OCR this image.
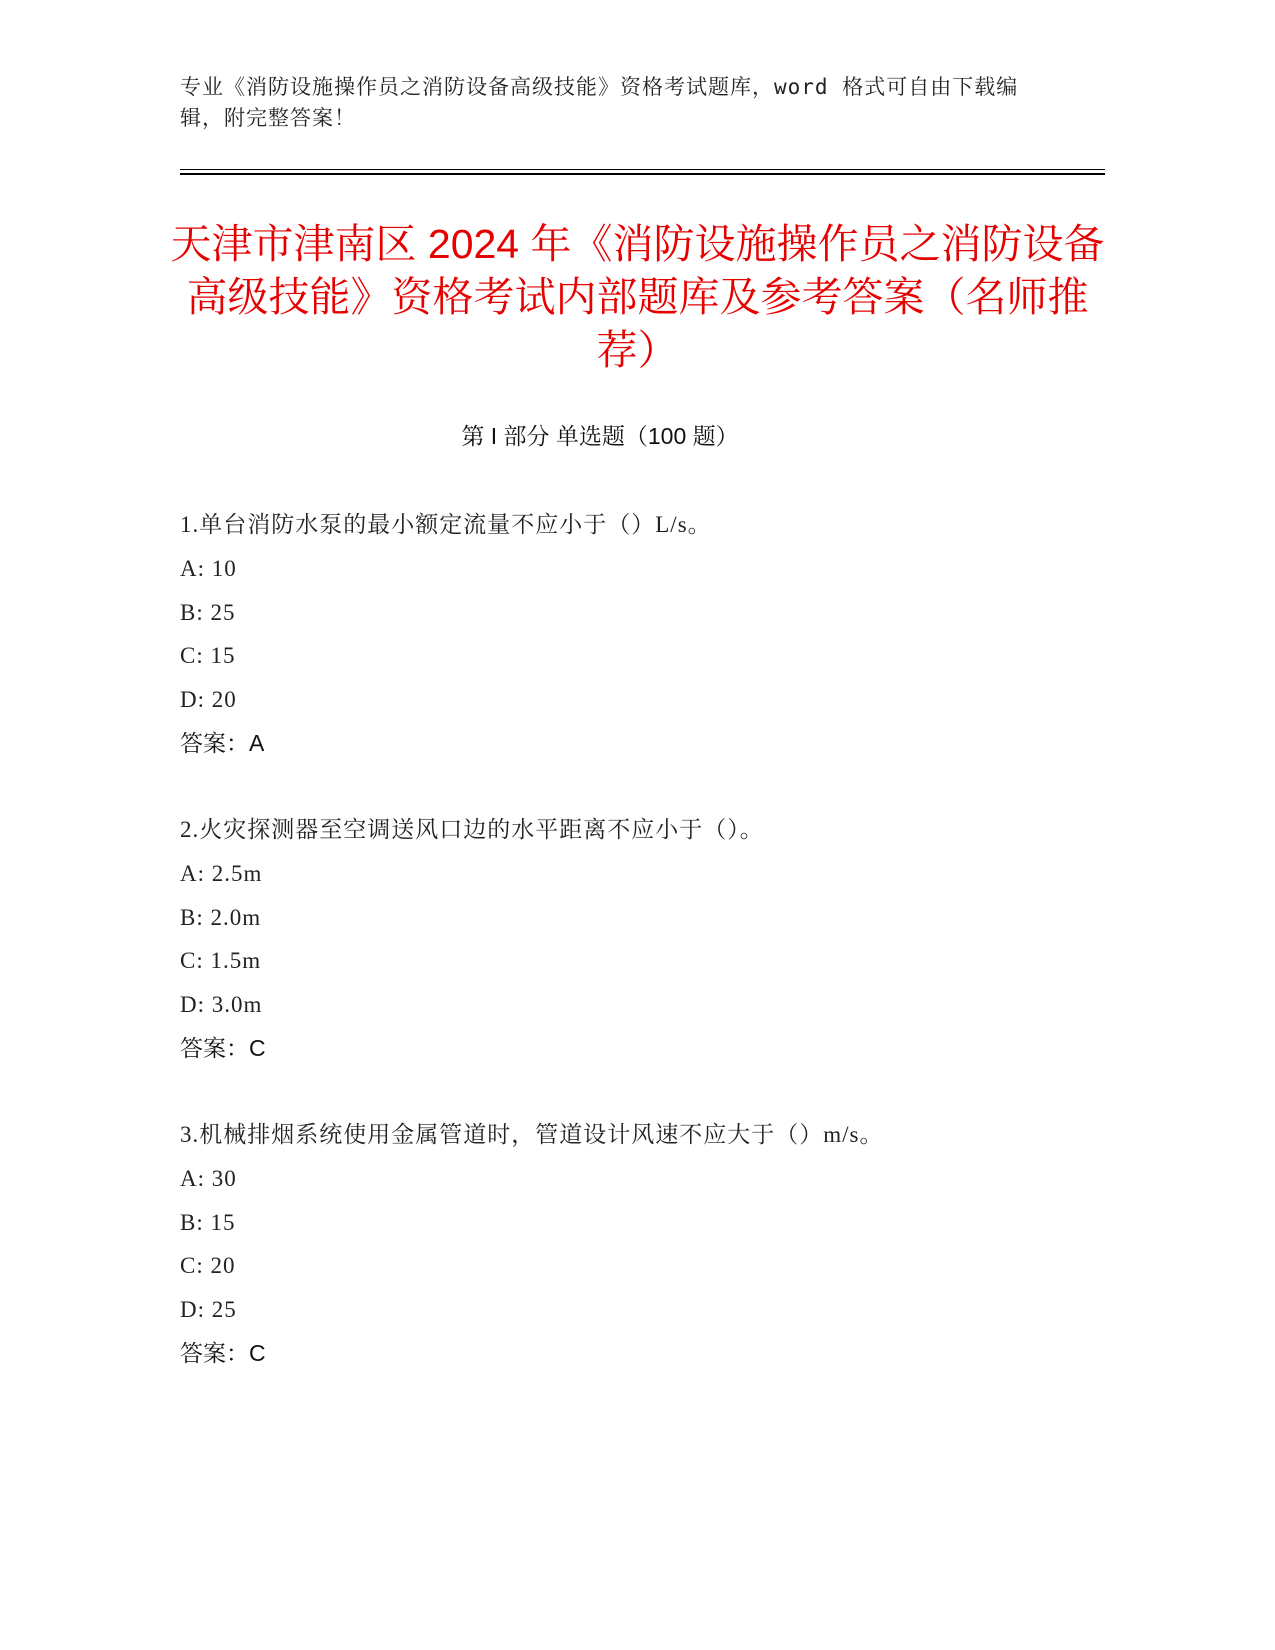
专业《消防设施操作员之消防设备高级技能》资格考试题库，word 格式可自由下载编辑，附完整答案！
天津市津南区 2024 年《消防设施操作员之消防设备高级技能》资格考试内部题库及参考答案（名师推荐）
第 I 部分 单选题（100 题）
1.单台消防水泵的最小额定流量不应小于（）L/s。
A: 10
B: 25
C: 15
D: 20
答案：A
2.火灾探测器至空调送风口边的水平距离不应小于（）。
A: 2.5m
B: 2.0m
C: 1.5m
D: 3.0m
答案：C
3.机械排烟系统使用金属管道时，管道设计风速不应大于（）m/s。
A: 30
B: 15
C: 20
D: 25
答案：C
